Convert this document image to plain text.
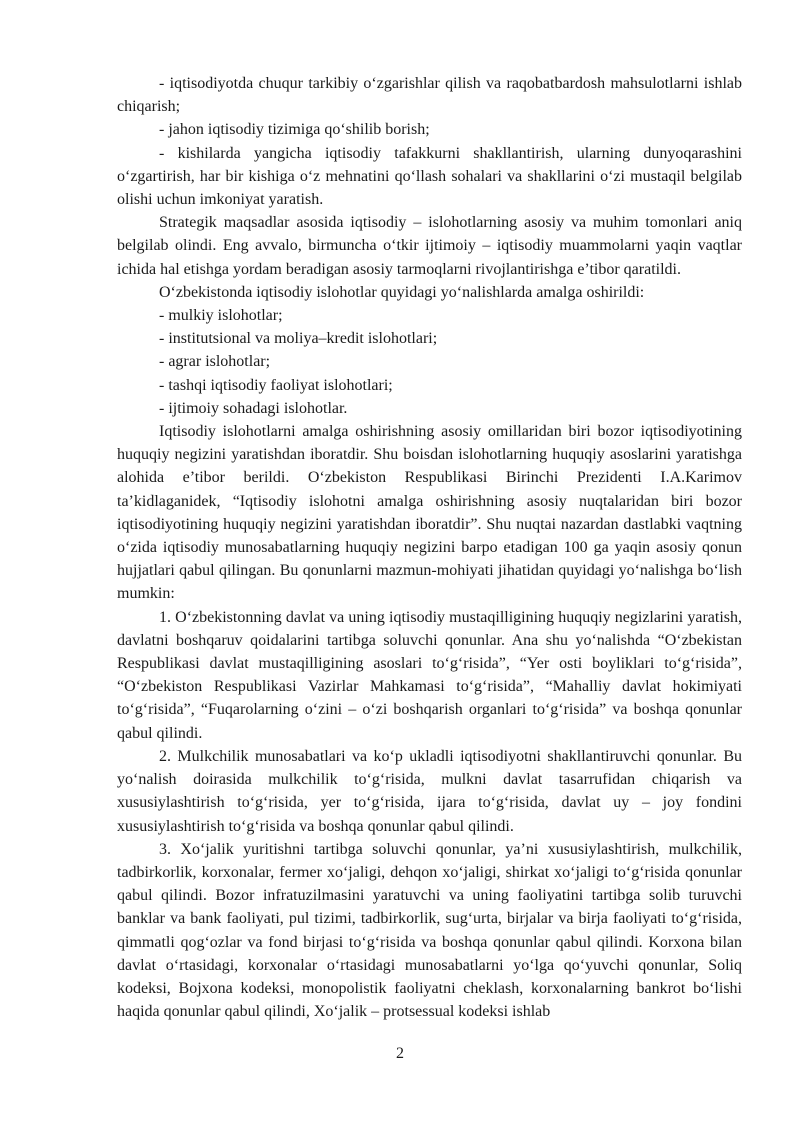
- iqtisodiyotda chuqur tarkibiy o‘zgarishlar qilish va raqobatbardosh mahsulotlarni ishlab chiqarish;

- jahon iqtisodiy tizimiga qo‘shilib borish;

- kishilarda yangicha iqtisodiy tafakkurni shakllantirish, ularning dunyoqarashini o‘zgartirish, har bir kishiga o‘z mehnatini qo‘llash sohalari va shakllarini o‘zi mustaqil belgilab olishi uchun imkoniyat yaratish.

Strategik maqsadlar asosida iqtisodiy – islohotlarning asosiy va muhim tomonlari aniq belgilab olindi. Eng avvalo, birmuncha o‘tkir ijtimoiy – iqtisodiy muammolarni yaqin vaqtlar ichida hal etishga yordam beradigan asosiy tarmoqlarni rivojlantirishga e’tibor qaratildi.

O‘zbekistonda iqtisodiy islohotlar quyidagi yo‘nalishlarda amalga oshirildi:

- mulkiy islohotlar;

- institutsional va moliya–kredit islohotlari;

- agrar islohotlar;

- tashqi iqtisodiy faoliyat islohotlari;

- ijtimoiy sohadagi islohotlar.

Iqtisodiy islohotlarni amalga oshirishning asosiy omillaridan biri bozor iqtisodiyotining huquqiy negizini yaratishdan iboratdir. Shu boisdan islohotlarning huquqiy asoslarini yaratishga alohida e’tibor berildi. O‘zbekiston Respublikasi Birinchi Prezidenti I.A.Karimov ta’kidlaganidek, “Iqtisodiy islohotni amalga oshirishning asosiy nuqtalaridan biri bozor iqtisodiyotining huquqiy negizini yaratishdan iboratdir”. Shu nuqtai nazardan dastlabki vaqtning o‘zida iqtisodiy munosabatlarning huquqiy negizini barpo etadigan 100 ga yaqin asosiy qonun hujjatlari qabul qilingan. Bu qonunlarni mazmun-mohiyati jihatidan quyidagi yo‘nalishga bo‘lish mumkin:

1. O‘zbekistonning davlat va uning iqtisodiy mustaqilligining huquqiy negizlarini yaratish, davlatni boshqaruv qoidalarini tartibga soluvchi qonunlar. Ana shu yo‘nalishda “O‘zbekistan Respublikasi davlat mustaqilligining asoslari to‘g‘risida”, “Yer osti boyliklari to‘g‘risida”, “O‘zbekiston Respublikasi Vazirlar Mahkamasi to‘g‘risida”, “Mahalliy davlat hokimiyati to‘g‘risida”, “Fuqarolarning o‘zini – o‘zi boshqarish organlari to‘g‘risida” va boshqa qonunlar qabul qilindi.

2. Mulkchilik munosabatlari va ko‘p ukladli iqtisodiyotni shakllantiruvchi qonunlar. Bu yo‘nalish doirasida mulkchilik to‘g‘risida, mulkni davlat tasarrufidan chiqarish va xususiylashtirish to‘g‘risida, yer to‘g‘risida, ijara to‘g‘risida, davlat uy – joy fondini xususiylashtirish to‘g‘risida va boshqa qonunlar qabul qilindi.

3. Xo‘jalik yuritishni tartibga soluvchi qonunlar, ya’ni xususiylashtirish, mulkchilik, tadbirkorlik, korxonalar, fermer xo‘jaligi, dehqon xo‘jaligi, shirkat xo‘jaligi to‘g‘risida qonunlar qabul qilindi. Bozor infratuzilmasini yaratuvchi va uning faoliyatini tartibga solib turuvchi banklar va bank faoliyati, pul tizimi, tadbirkorlik, sug‘urta, birjalar va birja faoliyati to‘g‘risida, qimmatli qog‘ozlar va fond birjasi to‘g‘risida va boshqa qonunlar qabul qilindi. Korxona bilan davlat o‘rtasidagi, korxonalar o‘rtasidagi munosabatlarni yo‘lga qo‘yuvchi qonunlar, Soliq kodeksi, Bojxona kodeksi, monopolistik faoliyatni cheklash, korxonalarning bankrot bo‘lishi haqida qonunlar qabul qilindi, Xo‘jalik – protsessual kodeksi ishlab

2
